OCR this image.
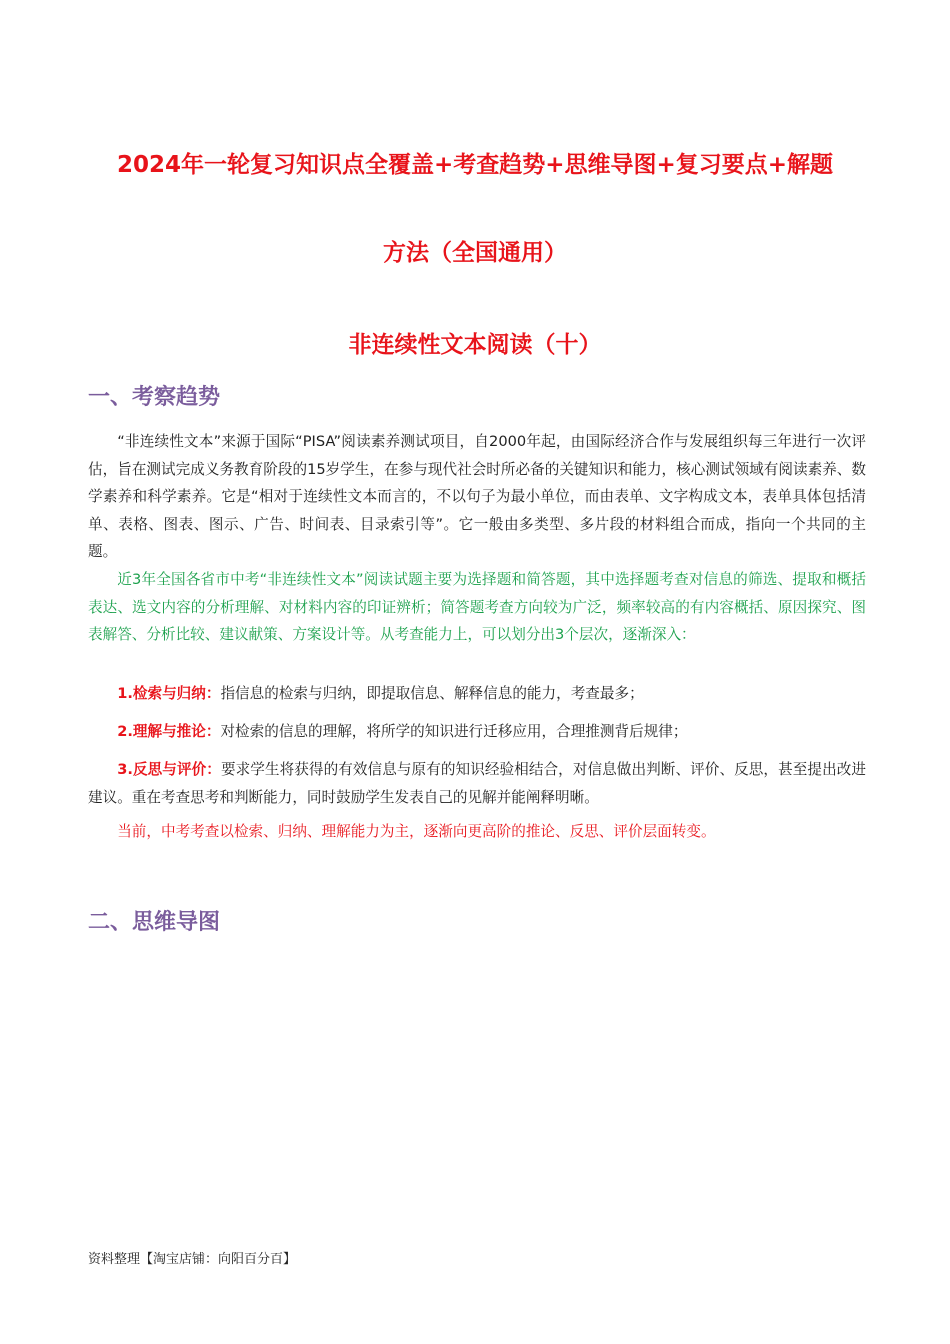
2024年一轮复习知识点全覆盖+考查趋势+思维导图+复习要点+解题
方法（全国通用）
非连续性文本阅读（十）
一、考察趋势
“非连续性文本”来源于国际“PISA”阅读素养测试项目，自2000年起，由国际经济合作与发展组织每三年进行一次评估，旨在测试完成义务教育阶段的15岁学生，在参与现代社会时所必备的关键知识和能力，核心测试领域有阅读素养、数学素养和科学素养。它是“相对于连续性文本而言的，不以句子为最小单位，而由表单、文字构成文本，表单具体包括清单、表格、图表、图示、广告、时间表、目录索引等”。它一般由多类型、多片段的材料组合而成，指向一个共同的主题。
近3年全国各省市中考“非连续性文本”阅读试题主要为选择题和简答题，其中选择题考查对信息的筛选、提取和概括表达、选文内容的分析理解、对材料内容的印证辨析；简答题考查方向较为广泛，频率较高的有内容概括、原因探究、图表解答、分析比较、建议献策、方案设计等。从考查能力上，可以划分出3个层次，逐渐深入：
1.检索与归纳：指信息的检索与归纳，即提取信息、解释信息的能力，考查最多；
2.理解与推论：对检索的信息的理解，将所学的知识进行迁移应用，合理推测背后规律；
3.反思与评价：要求学生将获得的有效信息与原有的知识经验相结合，对信息做出判断、评价、反思，甚至提出改进建议。重在考查思考和判断能力，同时鼓励学生发表自己的见解并能阐释明晰。
当前，中考考查以检索、归纳、理解能力为主，逐渐向更高阶的推论、反思、评价层面转变。
二、思维导图
资料整理【淘宝店铺：向阳百分百】
